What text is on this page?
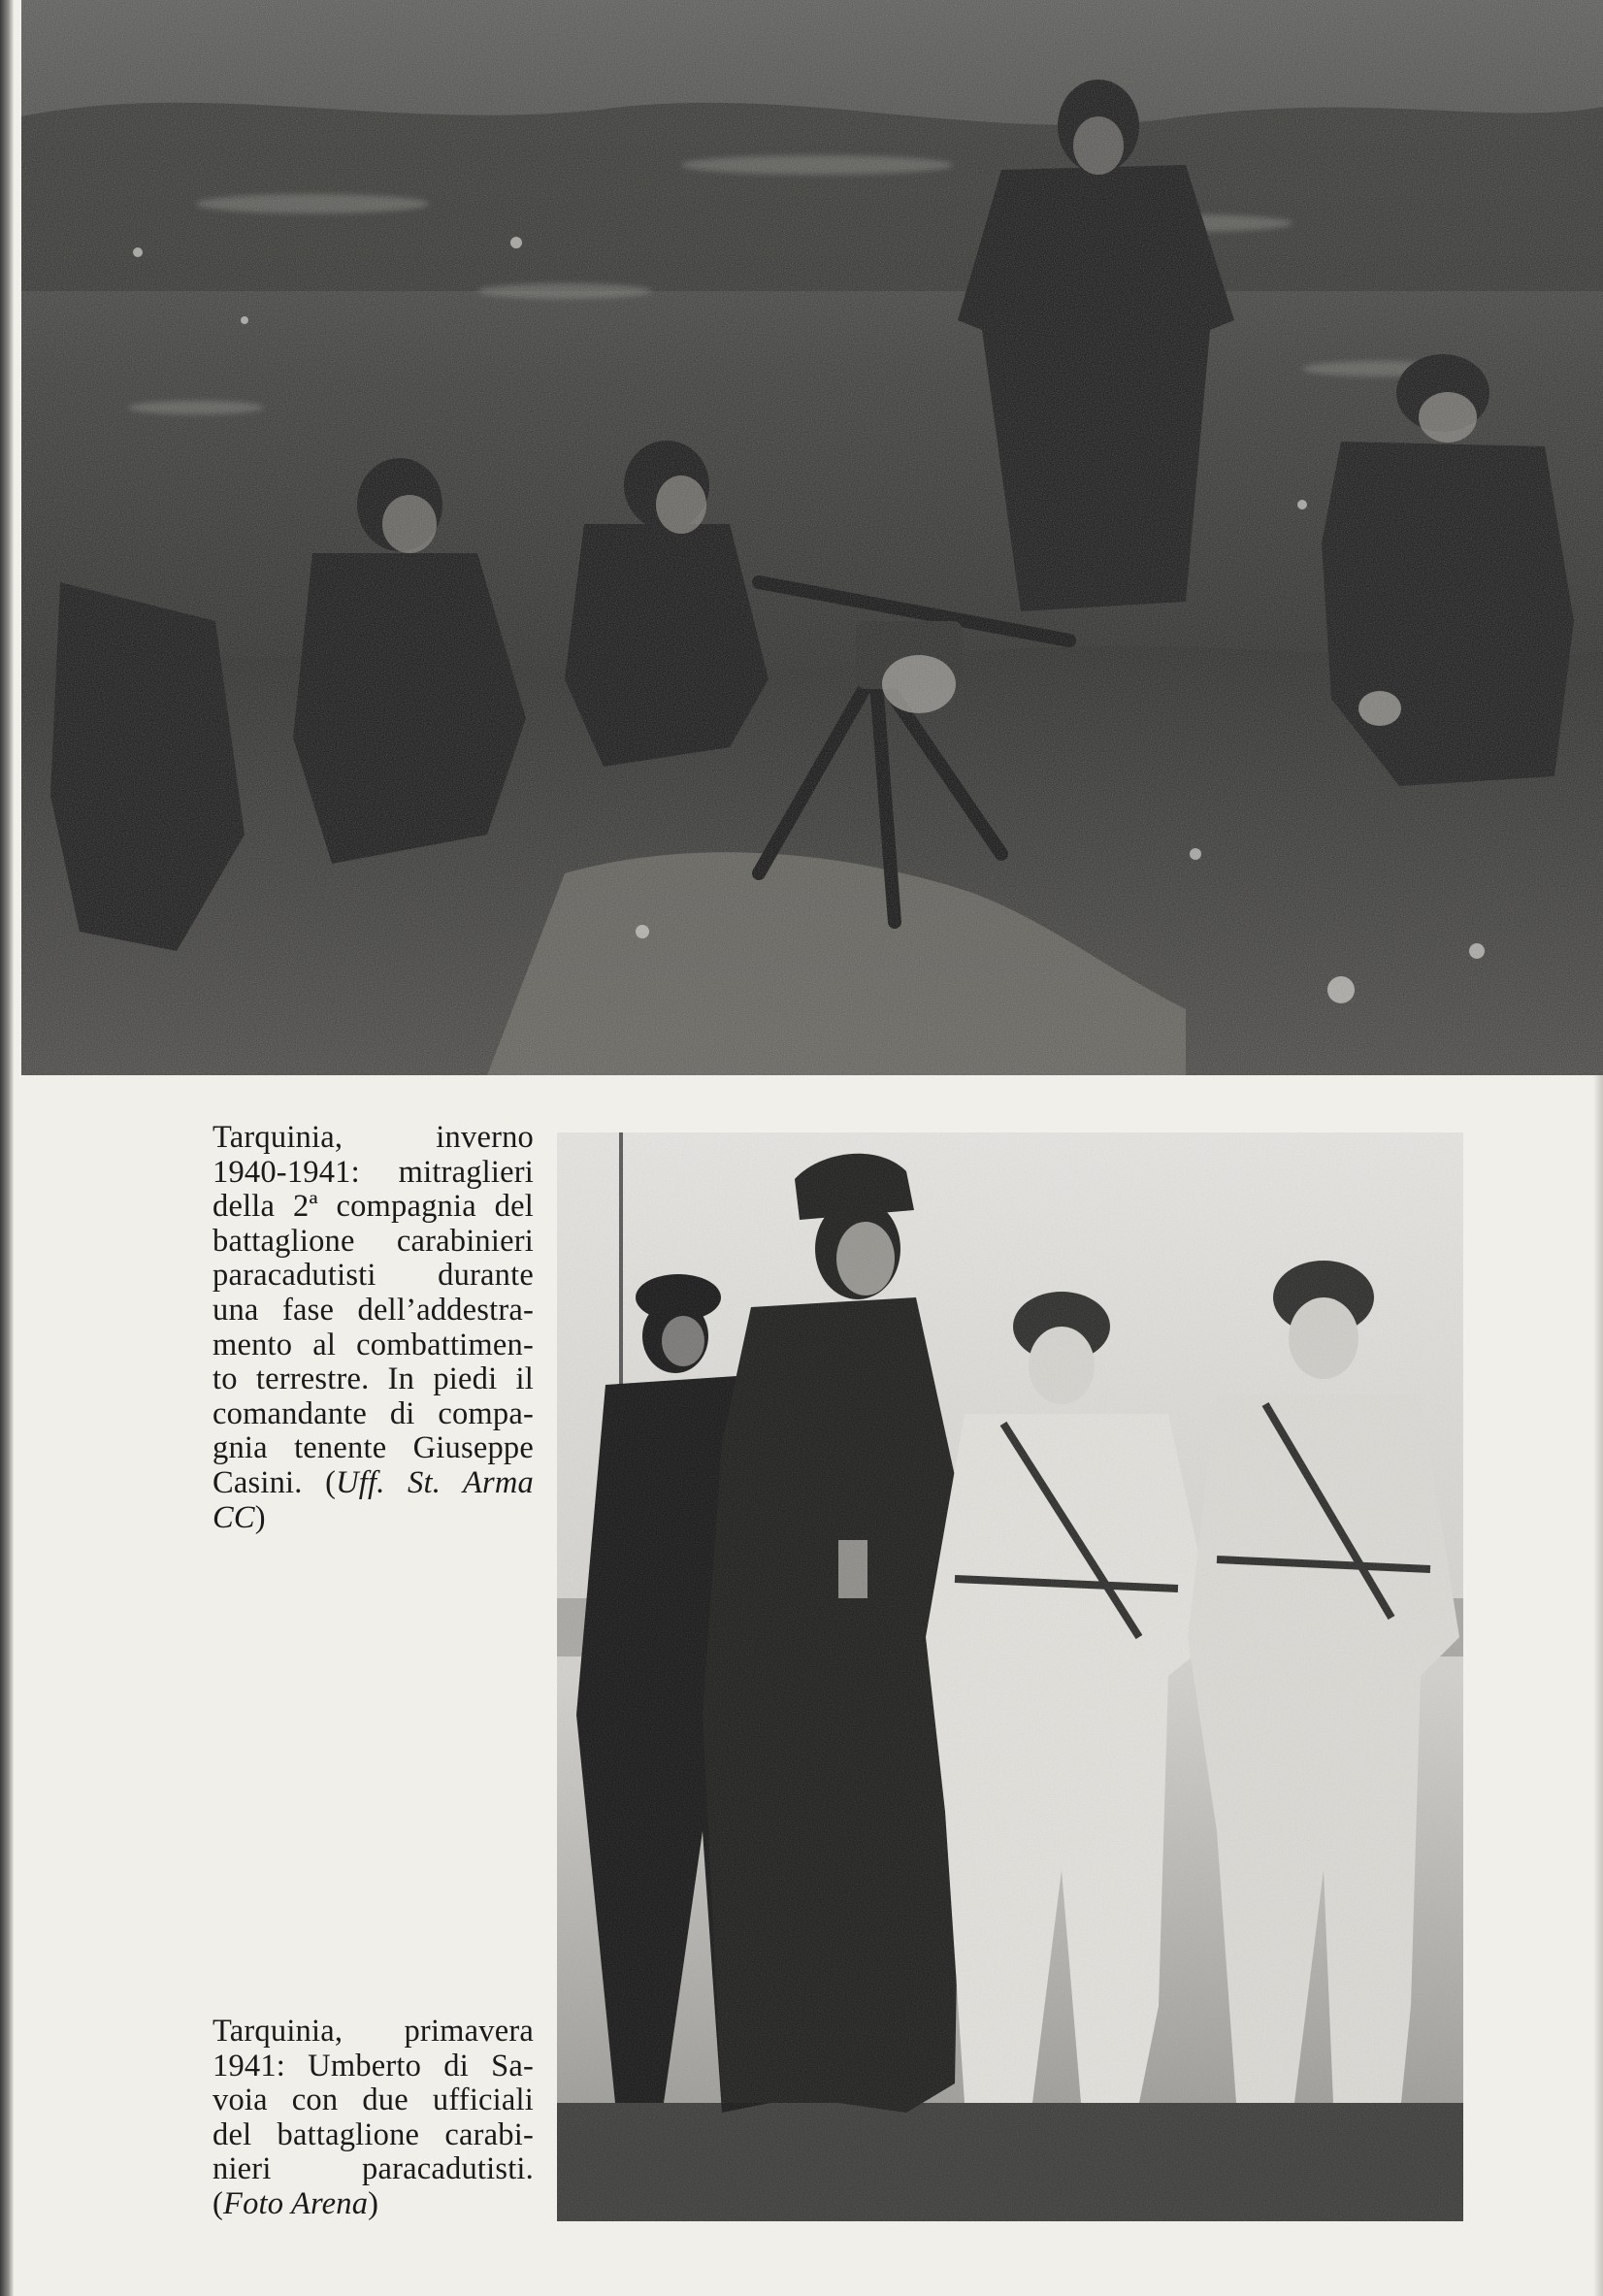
Tarquinia, inverno
1940-1941: mitraglieri
della 2ª compagnia del
battaglione carabinieri
paracadutisti durante
una fase dell’addestra-
mento al combattimen-
to terrestre. In piedi il
comandante di compa-
gnia tenente Giuseppe
Casini. (Uff. St. Arma
CC)
Tarquinia, primavera
1941: Umberto di Sa-
voia con due ufficiali
del battaglione carabi-
nieri paracadutisti.
(Foto Arena)
